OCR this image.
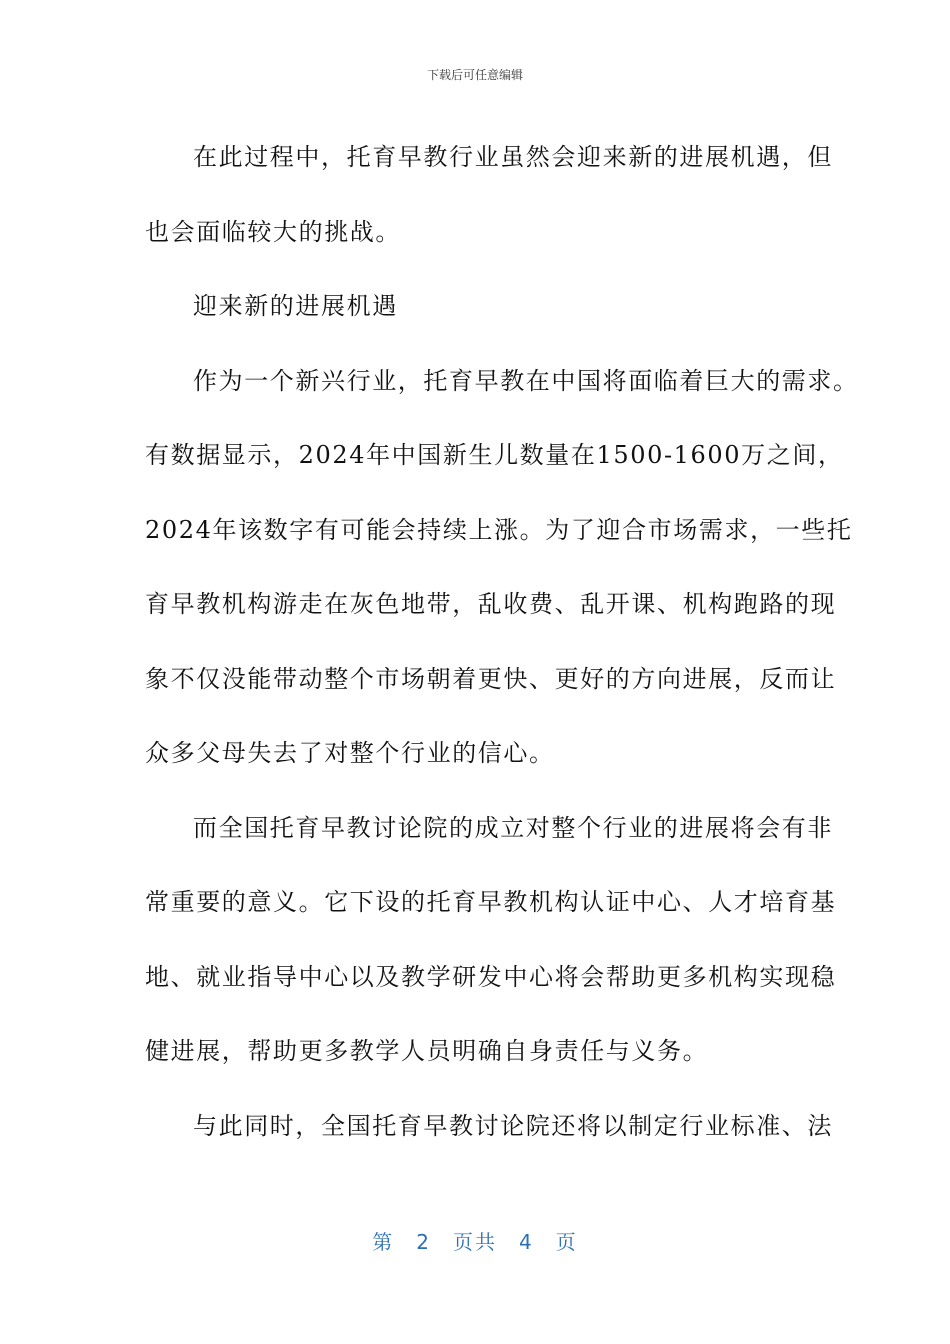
下载后可任意编辑
在此过程中，托育早教行业虽然会迎来新的进展机遇，但
也会面临较大的挑战。
迎来新的进展机遇
作为一个新兴行业，托育早教在中国将面临着巨大的需求。
有数据显示，2024年中国新生儿数量在1500-1600万之间，
2024年该数字有可能会持续上涨。为了迎合市场需求，一些托
育早教机构游走在灰色地带，乱收费、乱开课、机构跑路的现
象不仅没能带动整个市场朝着更快、更好的方向进展，反而让
众多父母失去了对整个行业的信心。
而全国托育早教讨论院的成立对整个行业的进展将会有非
常重要的意义。它下设的托育早教机构认证中心、人才培育基
地、就业指导中心以及教学研发中心将会帮助更多机构实现稳
健进展，帮助更多教学人员明确自身责任与义务。
与此同时，全国托育早教讨论院还将以制定行业标准、法
第 2 页共 4 页
